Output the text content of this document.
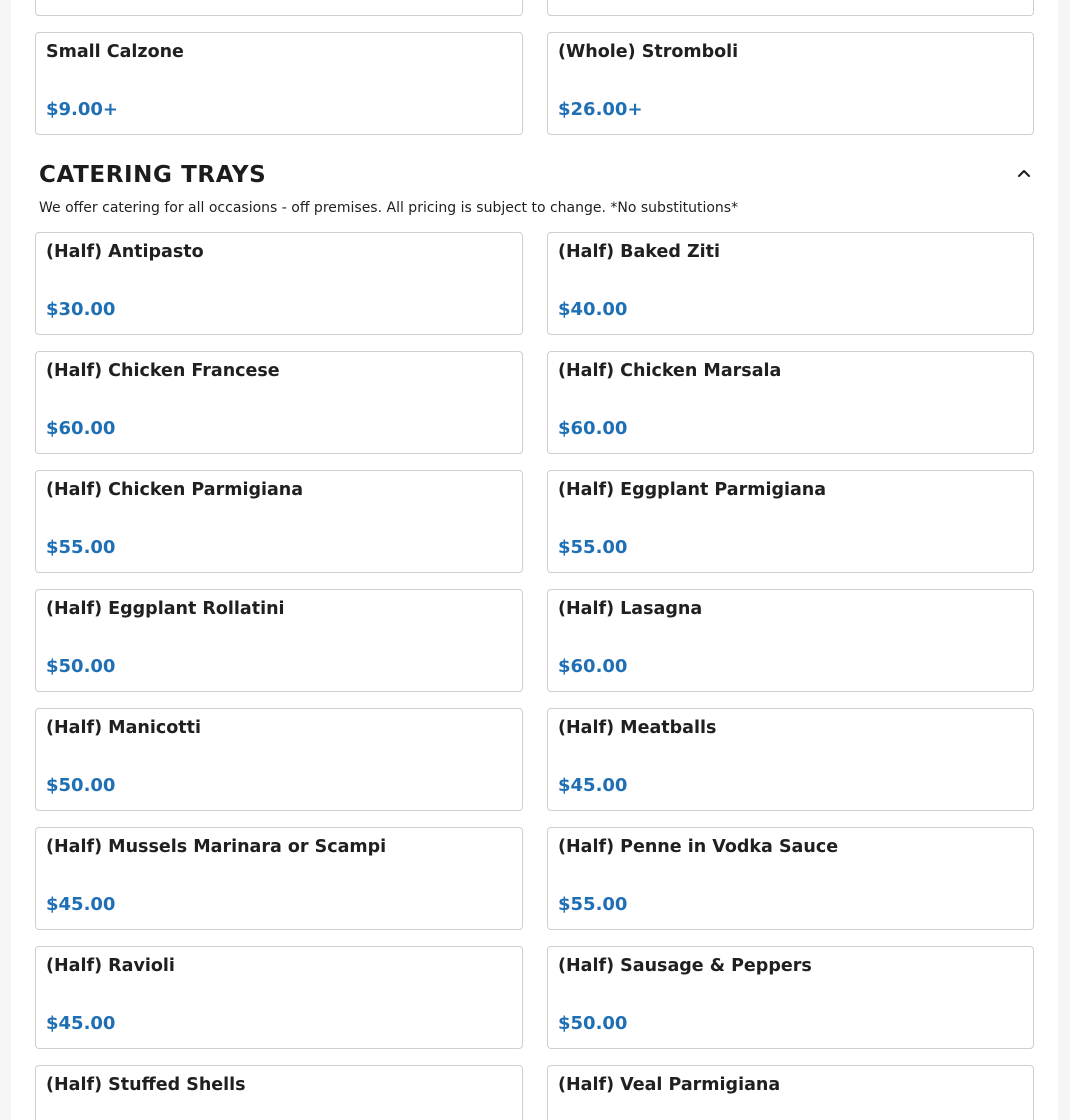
Small Calzone
$9.00+
(Whole) Stromboli
$26.00+
CATERING TRAYS
We offer catering for all occasions - off premises. All pricing is subject to change. *No substitutions*
(Half) Antipasto
$30.00
(Half) Baked Ziti
$40.00
(Half) Chicken Francese
$60.00
(Half) Chicken Marsala
$60.00
(Half) Chicken Parmigiana
$55.00
(Half) Eggplant Parmigiana
$55.00
(Half) Eggplant Rollatini
$50.00
(Half) Lasagna
$60.00
(Half) Manicotti
$50.00
(Half) Meatballs
$45.00
(Half) Mussels Marinara or Scampi
$45.00
(Half) Penne in Vodka Sauce
$55.00
(Half) Ravioli
$45.00
(Half) Sausage & Peppers
$50.00
(Half) Stuffed Shells	(Half) Veal Parmigiana
